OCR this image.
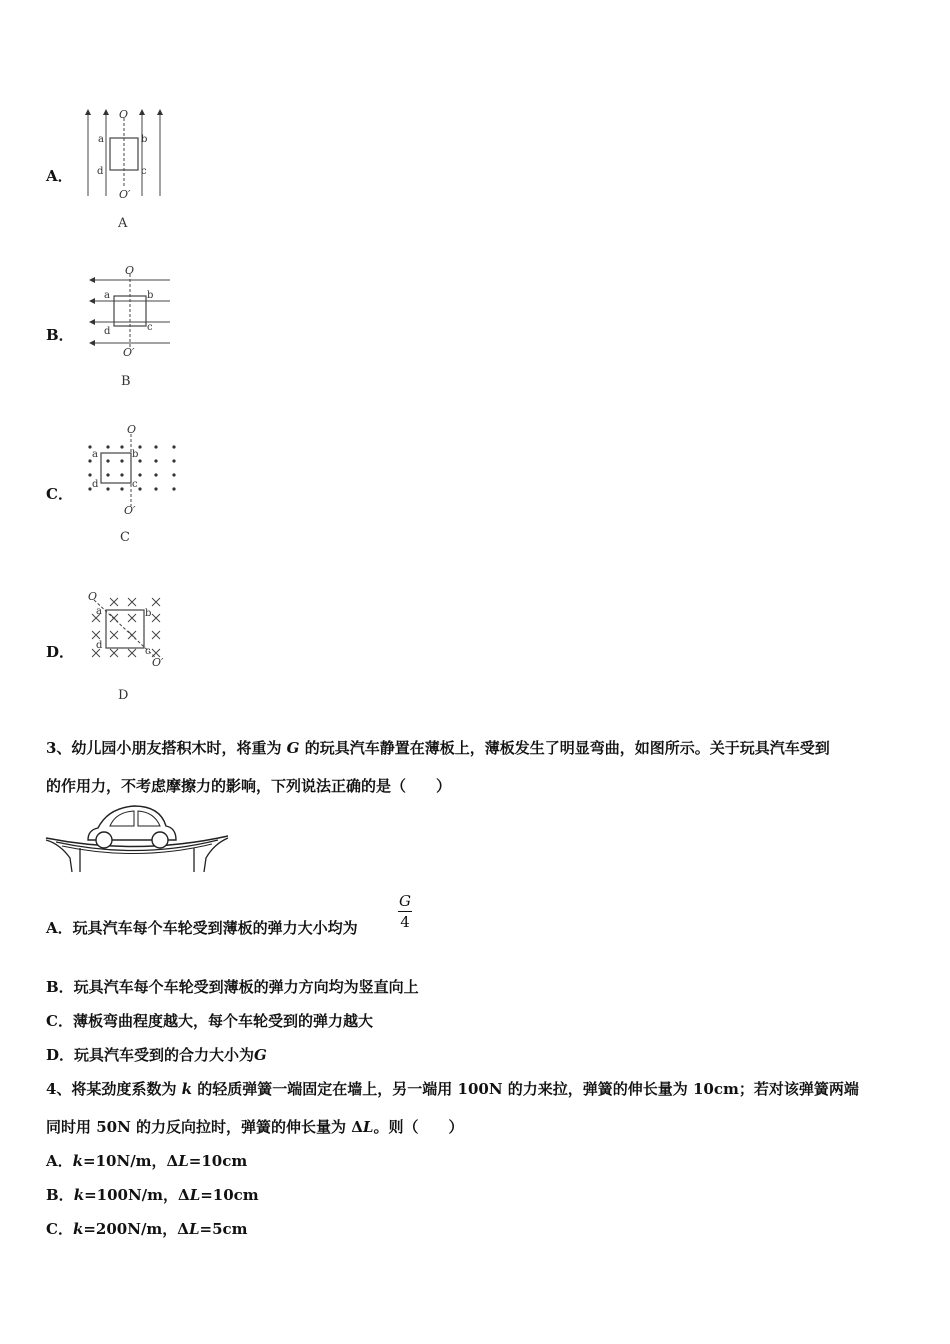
A．
O
O′
a	b
c
d
A
B．
O
O′
a	b
c
d
B
C．
O
O′
a	b
c
d
C
D．
O
O′
a	b
c
d
D
3、幼儿园小朋友搭积木时，将重为 G 的玩具汽车静置在薄板上，薄板发生了明显弯曲，如图所示。关于玩具汽车受到
的作用力，不考虑摩擦力的影响，下列说法正确的是（　　）
A．玩具汽车每个车轮受到薄板的弹力大小均为
G
4
B．玩具汽车每个车轮受到薄板的弹力方向均为竖直向上
C．薄板弯曲程度越大，每个车轮受到的弹力越大
D．玩具汽车受到的合力大小为G
4、将某劲度系数为 k 的轻质弹簧一端固定在墙上，另一端用 100N 的力来拉，弹簧的伸长量为 10cm；若对该弹簧两端
同时用 50N 的力反向拉时，弹簧的伸长量为 ΔL。则（　　）
A．k=10N/m，ΔL=10cm
B．k=100N/m，ΔL=10cm
C．k=200N/m，ΔL=5cm
